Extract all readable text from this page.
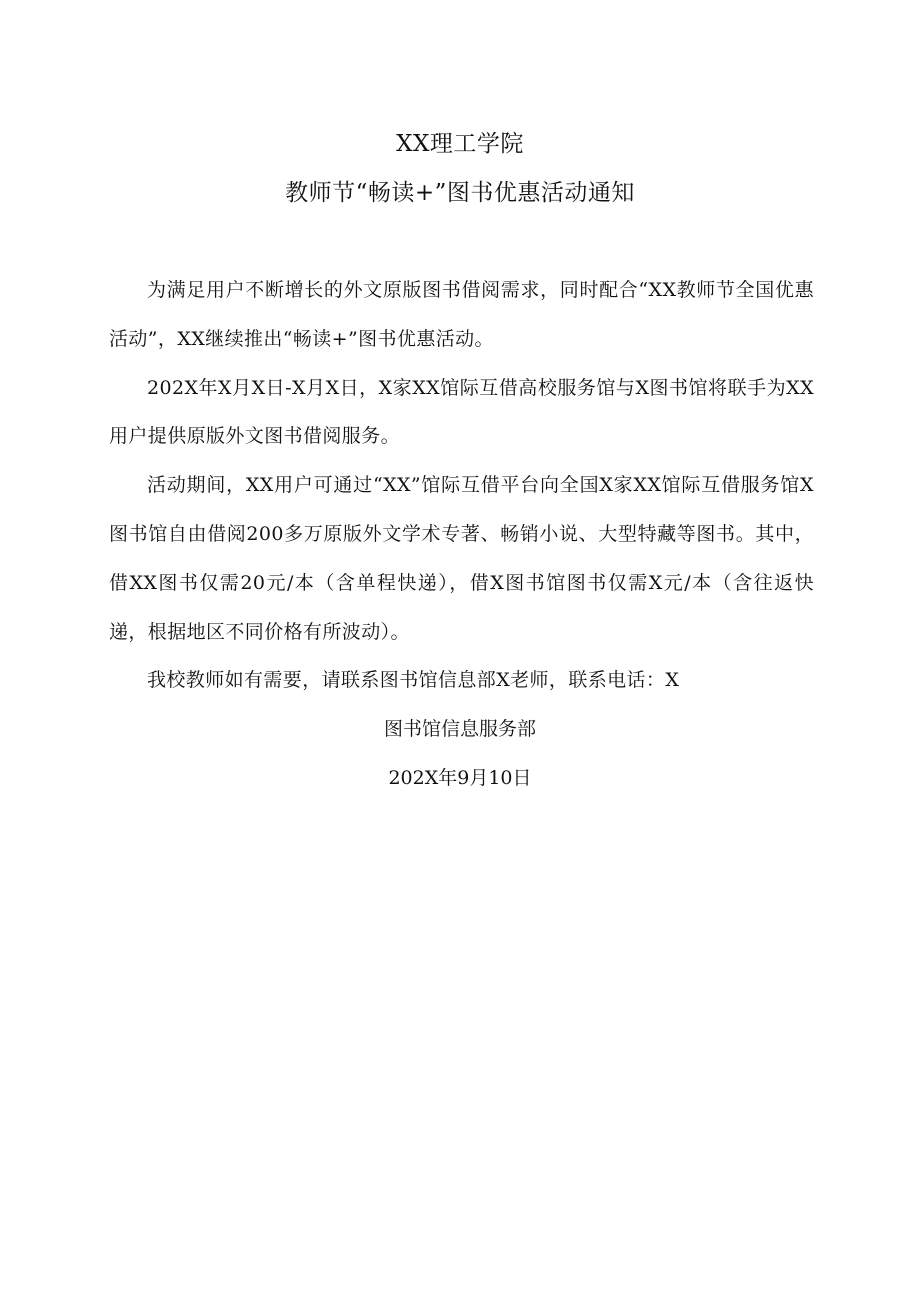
XX理工学院
教师节“畅读+”图书优惠活动通知

为满足用户不断增长的外文原版图书借阅需求，同时配合“XX教师节全国优惠活动”，XX继续推出“畅读+”图书优惠活动。

202X年X月X日-X月X日，X家XX馆际互借高校服务馆与X图书馆将联手为XX用户提供原版外文图书借阅服务。

活动期间，XX用户可通过“XX”馆际互借平台向全国X家XX馆际互借服务馆X图书馆自由借阅200多万原版外文学术专著、畅销小说、大型特藏等图书。其中，借XX图书仅需20元/本（含单程快递），借X图书馆图书仅需X元/本（含往返快递，根据地区不同价格有所波动）。

我校教师如有需要，请联系图书馆信息部X老师，联系电话：X

图书馆信息服务部
202X年9月10日
